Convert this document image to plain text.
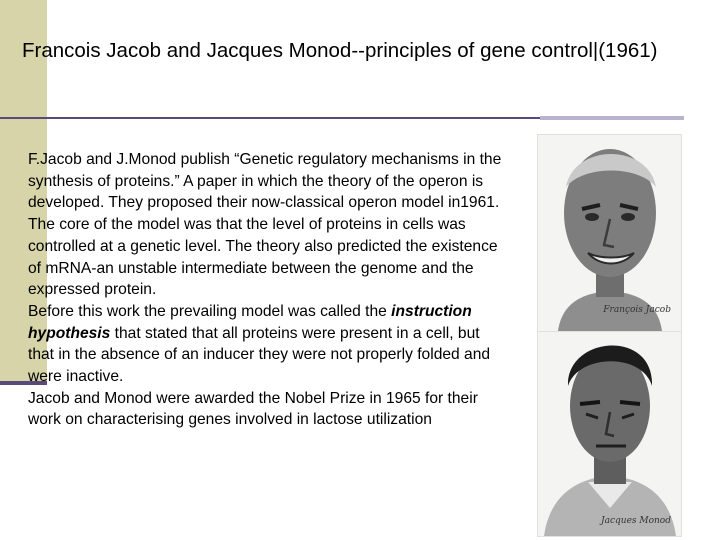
Francois Jacob and Jacques Monod--principles of gene control|(1961)

F.Jacob and J.Monod publish “Genetic regulatory mechanisms in the synthesis of proteins.” A paper in which the theory of the operon is developed. They proposed their now-classical operon model in1961.

The core of the model was that the level of proteins in cells was controlled at a genetic level. The theory also predicted the existence of mRNA-an unstable intermediate between the genome and the expressed protein.

Before this work the prevailing model was called the instruction hypothesis that stated that all proteins were present in a cell, but that in the absence of an inducer they were not properly folded and were inactive.

Jacob and Monod were awarded the Nobel Prize in 1965 for their work on characterising genes involved in lactose utilization

François Jacob
Jacques Monod
